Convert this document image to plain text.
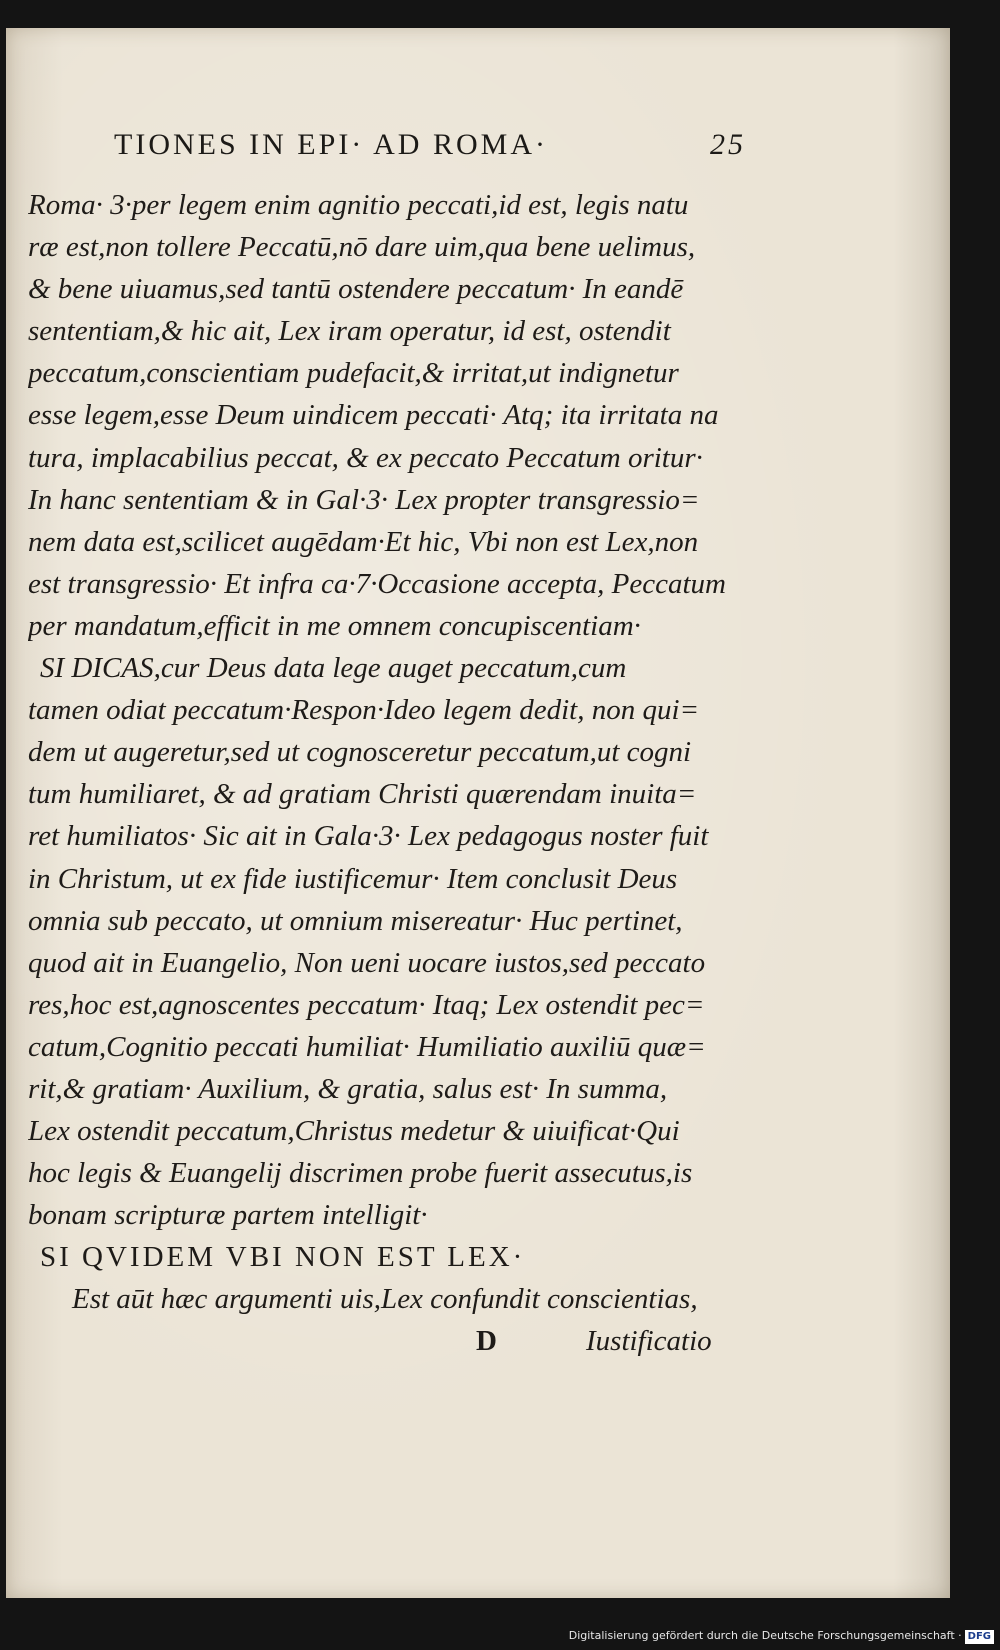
TIONES IN EPI· AD ROMA·	25
Roma· 3·per legem enim agnitio peccati,id est, legis natu
ræ est,non tollere Peccatū,nō dare uim,qua bene uelimus,
& bene uiuamus,sed tantū ostendere peccatum· In eandē
sententiam,& hic ait, Lex iram operatur, id est, ostendit
peccatum,conscientiam pudefacit,& irritat,ut indignetur
esse legem,esse Deum uindicem peccati· Atq; ita irritata na
tura, implacabilius peccat, & ex peccato Peccatum oritur·
In hanc sententiam & in Gal·3· Lex propter transgressio=
nem data est,scilicet augēdam·Et hic, Vbi non est Lex,non
est transgressio· Et infra ca·7·Occasione accepta, Peccatum
per mandatum,efficit in me omnem concupiscentiam·
SI DICAS,cur Deus data lege auget peccatum,cum
tamen odiat peccatum·Respon·Ideo legem dedit, non qui=
dem ut augeretur,sed ut cognosceretur peccatum,ut cogni
tum humiliaret, & ad gratiam Christi quærendam inuita=
ret humiliatos· Sic ait in Gala·3· Lex pedagogus noster fuit
in Christum, ut ex fide iustificemur· Item conclusit Deus
omnia sub peccato, ut omnium misereatur· Huc pertinet,
quod ait in Euangelio, Non ueni uocare iustos,sed peccato
res,hoc est,agnoscentes peccatum· Itaq; Lex ostendit pec=
catum,Cognitio peccati humiliat· Humiliatio auxiliū quæ=
rit,& gratiam· Auxilium, & gratia, salus est· In summa,
Lex ostendit peccatum,Christus medetur & uiuificat·Qui
hoc legis & Euangelij discrimen probe fuerit assecutus,is
bonam scripturæ partem intelligit·
SI QVIDEM VBI NON EST LEX·
Est aūt hæc argumenti uis,Lex confundit conscientias,
D	Iustificatio
Digitalisierung gefördert durch die Deutsche Forschungsgemeinschaft · DFG
